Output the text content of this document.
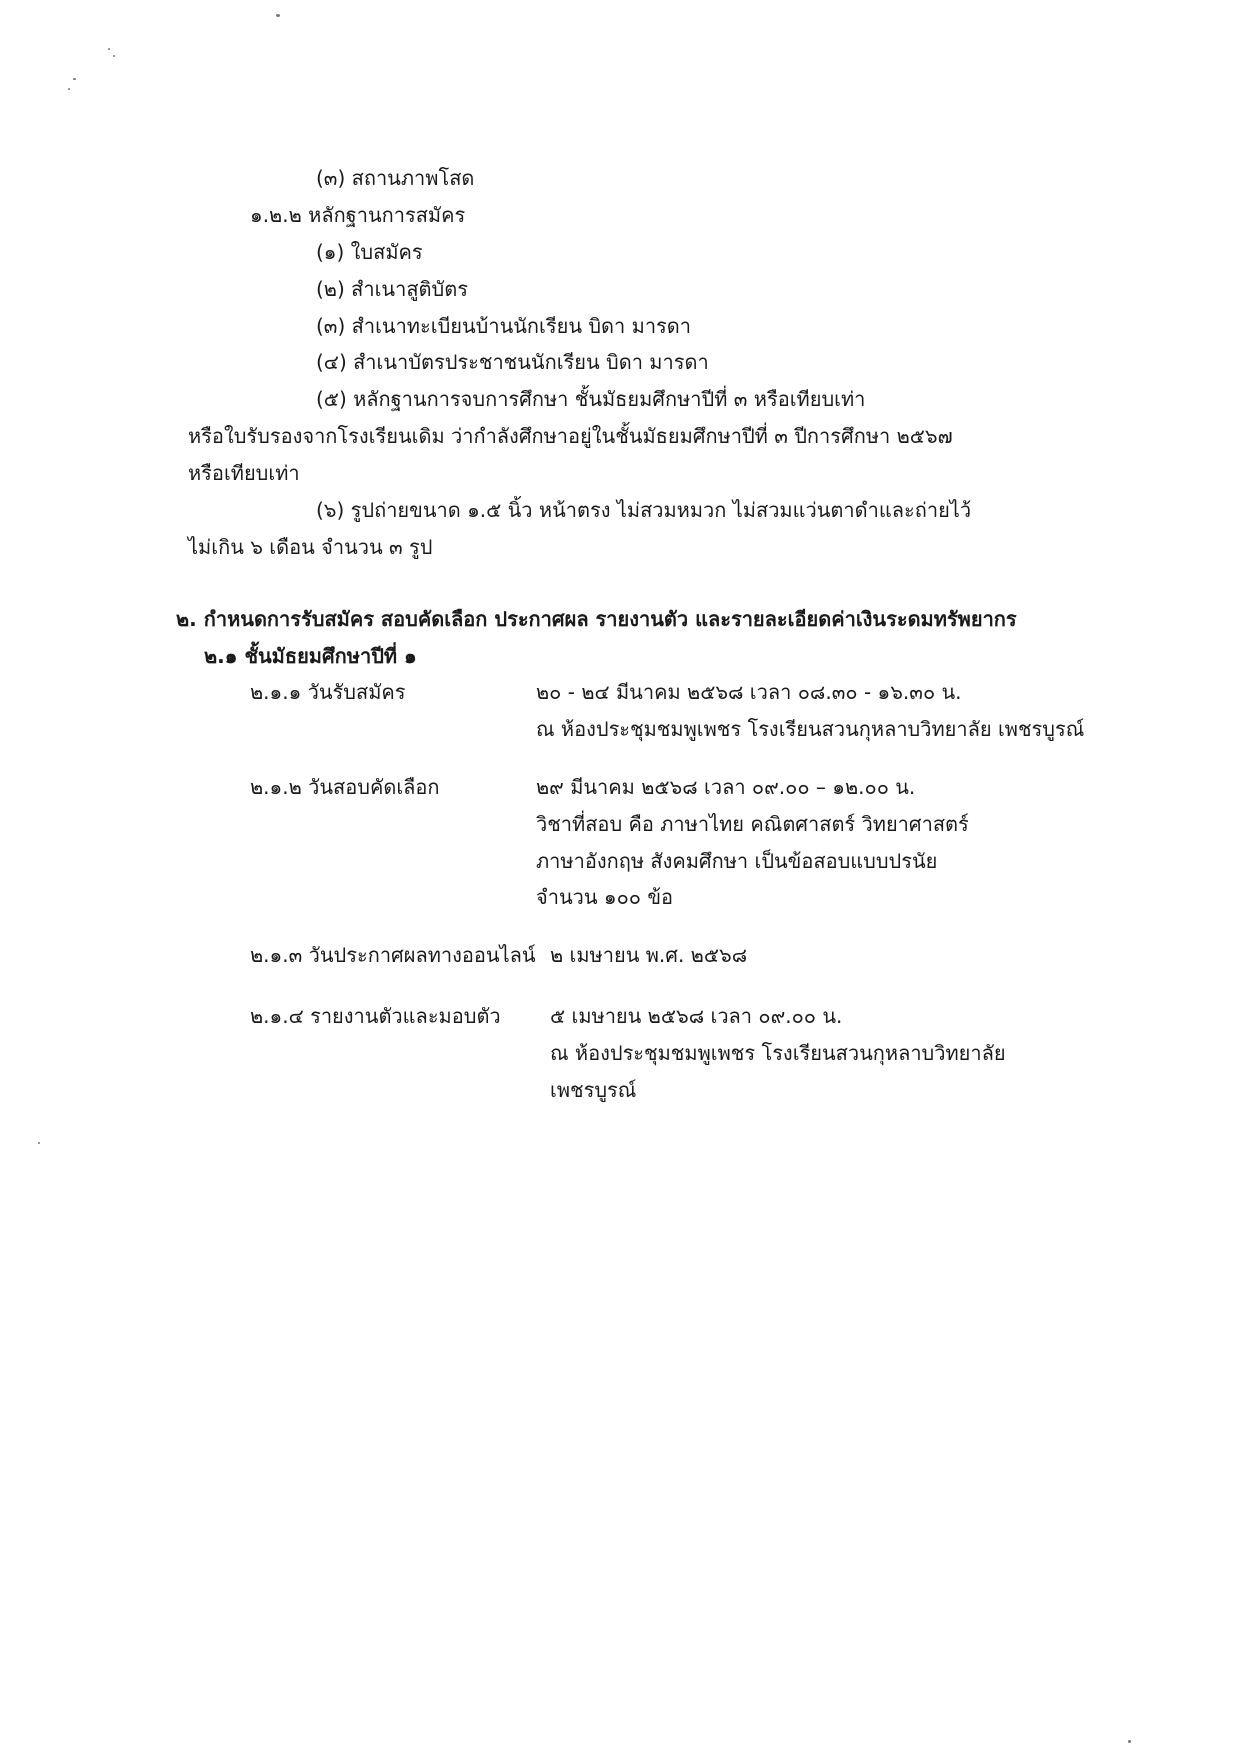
(๓) สถานภาพโสด
๑.๒.๒ หลักฐานการสมัคร
(๑) ใบสมัคร
(๒) สำเนาสูติบัตร
(๓) สำเนาทะเบียนบ้านนักเรียน บิดา มารดา
(๔) สำเนาบัตรประชาชนนักเรียน บิดา มารดา
(๕) หลักฐานการจบการศึกษา ชั้นมัธยมศึกษาปีที่ ๓ หรือเทียบเท่า
หรือใบรับรองจากโรงเรียนเดิม ว่ากำลังศึกษาอยู่ในชั้นมัธยมศึกษาปีที่ ๓ ปีการศึกษา ๒๕๖๗
หรือเทียบเท่า
(๖) รูปถ่ายขนาด ๑.๕ นิ้ว หน้าตรง ไม่สวมหมวก ไม่สวมแว่นตาดำและถ่ายไว้
ไม่เกิน ๖ เดือน จำนวน ๓ รูป
๒. กำหนดการรับสมัคร สอบคัดเลือก ประกาศผล รายงานตัว และรายละเอียดค่าเงินระดมทรัพยากร
๒.๑ ชั้นมัธยมศึกษาปีที่ ๑
๒.๑.๑ วันรับสมัคร	๒๐ - ๒๔ มีนาคม ๒๕๖๘ เวลา ๐๘.๓๐ - ๑๖.๓๐ น.
ณ ห้องประชุมชมพูเพชร โรงเรียนสวนกุหลาบวิทยาลัย เพชรบูรณ์
๒.๑.๒ วันสอบคัดเลือก	๒๙ มีนาคม ๒๕๖๘ เวลา ๐๙.๐๐ – ๑๒.๐๐ น.
วิชาที่สอบ คือ ภาษาไทย คณิตศาสตร์ วิทยาศาสตร์
ภาษาอังกฤษ สังคมศึกษา เป็นข้อสอบแบบปรนัย
จำนวน ๑๐๐ ข้อ
๒.๑.๓ วันประกาศผลทางออนไลน์ ๒ เมษายน พ.ศ. ๒๕๖๘
๒.๑.๔ รายงานตัวและมอบตัว ๕ เมษายน ๒๕๖๘ เวลา ๐๙.๐๐ น.
ณ ห้องประชุมชมพูเพชร โรงเรียนสวนกุหลาบวิทยาลัย
เพชรบูรณ์
